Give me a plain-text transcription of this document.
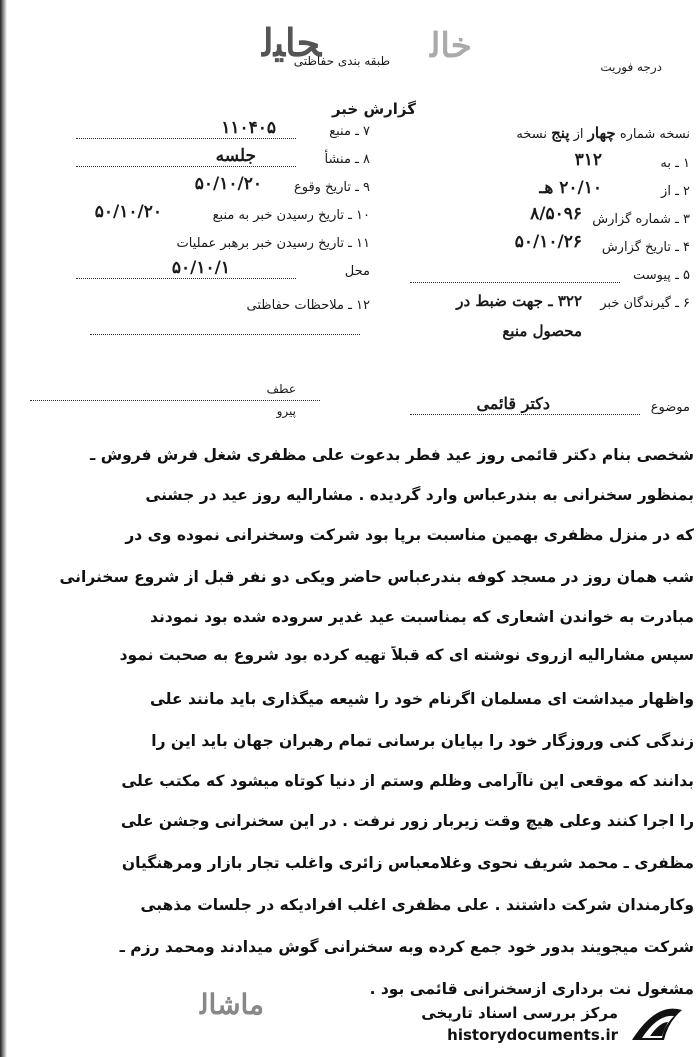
ﺤﺎﻴ‌ﻟ	ﺧﺎﻟ
درجه فوریت
طبقه بندی حفاظتی
گزارش خبر
نسخه شماره چهار از پنج نسخه
۱ ـ به
۳۱۲
۲ ـ از
۲۰/۱۰ هـ
۳ ـ شماره گزارش
۸/۵۰۹۶
۴ ـ تاریخ گزارش
۵۰/۱۰/۲۶
۵ ـ پیوست
۶ ـ گیرندگان خبر
۳۲۲ ـ جهت ضبط در
محصول منبع
۷ ـ منبع
۱۱۰۴۰۵
۸ ـ منشأ
جلسه
۹ ـ تاریخ وقوع
۵۰/۱۰/۲۰
۱۰ ـ تاریخ رسیدن خبر به منبع
۵۰/۱۰/۲۰
۱۱ ـ تاریخ رسیدن خبر برهبر عملیات
محل
۵۰/۱۰/۱
۱۲ ـ ملاحظات حفاظتی
عطف
پیرو	موضوع
دکتر قائمی
شخصی بنام دکتر قائمی روز عید فطر بدعوت علی مظفری شغل فرش فروش ـ
بمنظور سخنرانی به بندرعباس وارد گردیده . مشارالیه روز عید در جشنی
که در منزل مظفری بهمین مناسبت برپا بود شرکت وسخنرانی نموده وی در
شب همان روز در مسجد کوفه بندرعباس حاضر ویکی دو نفر قبل از شروع سخنرانی
مبادرت به خواندن اشعاری که بمناسبت عید غدیر سروده شده بود نمودند
سپس مشارالیه ازروی نوشته ای که قبلاً تهیه کرده بود شروع به صحبت نمود
واظهار میداشت ای مسلمان اگرنام خود را شیعه میگذاری باید مانند علی
زندگی کنی وروزگار خود را بپایان برسانی تمام رهبران جهان باید این را
بدانند که موقعی این ناآرامی وظلم وستم از دنیا کوتاه میشود که مکتب علی
را اجرا کنند وعلی هیچ وقت زیربار زور نرفت . در این سخنرانی وجشن علی
مظفری ـ محمد شریف نحوی وغلامعباس زائری واغلب تجار بازار ومرهنگیان
وکارمندان شرکت داشتند . علی مظفری اغلب افرادیکه در جلسات مذهبی
شرکت میجویند بدور خود جمع کرده وبه سخنرانی گوش میدادند ومحمد رزم ـ
مشغول نت برداری ازسخنرانی قائمی بود .
ﻣﺎﺷﺎﻟ	مرکز بررسی اسناد تاریخی
historydocuments.ir
